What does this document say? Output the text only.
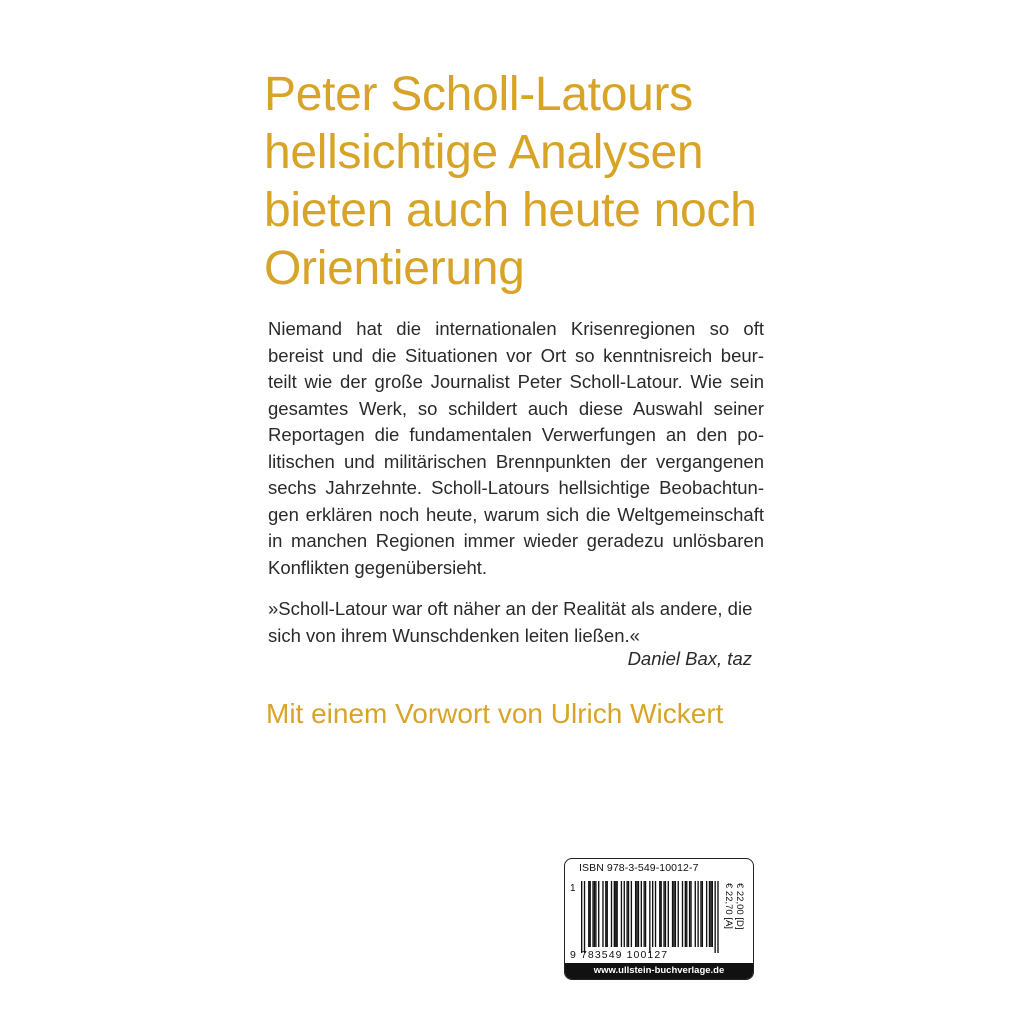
Peter Scholl-Latours
hellsichtige Analysen
bieten auch heute noch
Orientierung
Niemand hat die internationalen Krisenregionen so oft
bereist und die Situationen vor Ort so kenntnisreich beur-
teilt wie der große Journalist Peter Scholl-Latour. Wie sein
gesamtes Werk, so schildert auch diese Auswahl seiner
Reportagen die fundamentalen Verwerfungen an den po-
litischen und militärischen Brennpunkten der vergangenen
sechs Jahrzehnte. Scholl-Latours hellsichtige Beobachtun-
gen erklären noch heute, warum sich die Weltgemeinschaft
in manchen Regionen immer wieder geradezu unlösbaren
Konflikten gegenübersieht.
»Scholl-Latour war oft näher an der Realität als andere, die
sich von ihrem Wunschdenken leiten ließen.«
Daniel Bax, taz
Mit einem Vorwort von Ulrich Wickert
ISBN 978-3-549-10012-7
1
9 783549 100127
€ 22,00 [D]
€ 22,70 [A]
www.ullstein-buchverlage.de
